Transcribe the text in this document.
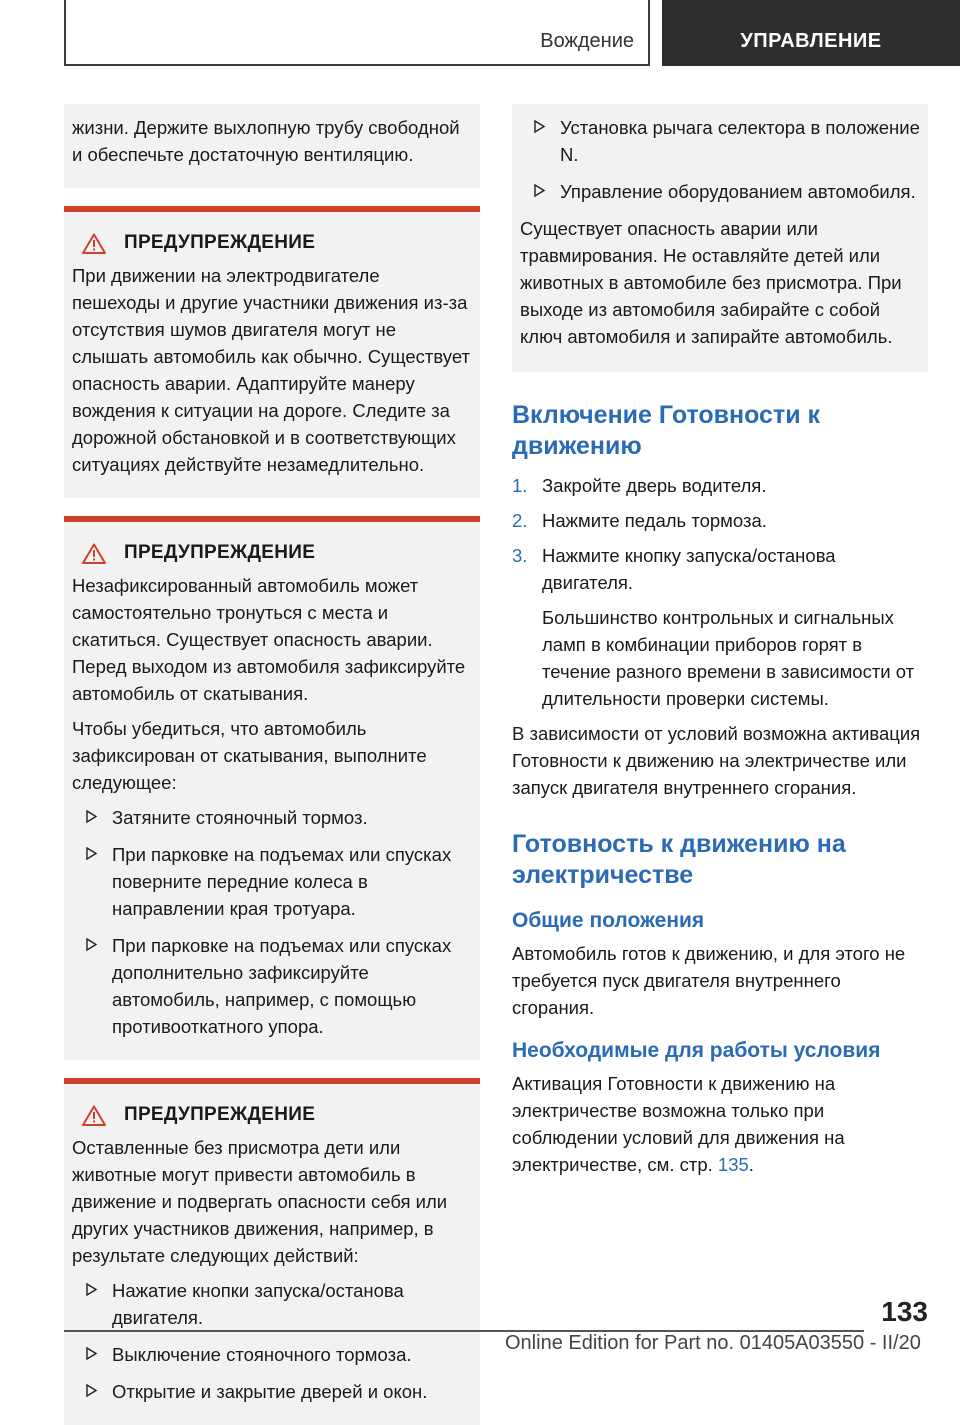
Вождение	УПРАВЛЕНИЕ

жизни. Держите выхлопную трубу свободной и обеспечьте достаточную вентиляцию.

ПРЕДУПРЕЖДЕНИЕ

При движении на электродвигателе пешеходы и другие участники движения из-за отсутствия шумов двигателя могут не слышать автомобиль как обычно. Существует опасность аварии. Адаптируйте манеру вождения к ситуации на дороге. Следите за дорожной обстановкой и в соответствующих ситуациях действуйте незамедлительно.

ПРЕДУПРЕЖДЕНИЕ

Незафиксированный автомобиль может самостоятельно тронуться с места и скатиться. Существует опасность аварии. Перед выходом из автомобиля зафиксируйте автомобиль от скатывания.

Чтобы убедиться, что автомобиль зафиксирован от скатывания, выполните следующее:

Затяните стояночный тормоз.
При парковке на подъемах или спусках поверните передние колеса в направлении края тротуара.
При парковке на подъемах или спусках дополнительно зафиксируйте автомобиль, например, с помощью противооткатного упора.
ПРЕДУПРЕЖДЕНИЕ

Оставленные без присмотра дети или животные могут привести автомобиль в движение и подвергать опасности себя или других участников движения, например, в результате следующих действий:

Нажатие кнопки запуска/останова двигателя.
Выключение стояночного тормоза.
Открытие и закрытие дверей и окон.
Установка рычага селектора в положение N.
Управление оборудованием автомобиля.

Существует опасность аварии или травмирования. Не оставляйте детей или животных в автомобиле без присмотра. При выходе из автомобиля забирайте с собой ключ автомобиля и запирайте автомобиль.

Включение Готовности к движению
1. Закройте дверь водителя.
2. Нажмите педаль тормоза.
3. Нажмите кнопку запуска/останова двигателя.
Большинство контрольных и сигнальных ламп в комбинации приборов горят в течение разного времени в зависимости от длительности проверки системы.

В зависимости от условий возможна активация Готовности к движению на электричестве или запуск двигателя внутреннего сгорания.

Готовность к движению на электричестве
Общие положения

Автомобиль готов к движению, и для этого не требуется пуск двигателя внутреннего сгорания.

Необходимые для работы условия

Активация Готовности к движению на электричестве возможна только при соблюдении условий для движения на электричестве, см. стр. 135.

133
Online Edition for Part no. 01405A03550 - II/20
